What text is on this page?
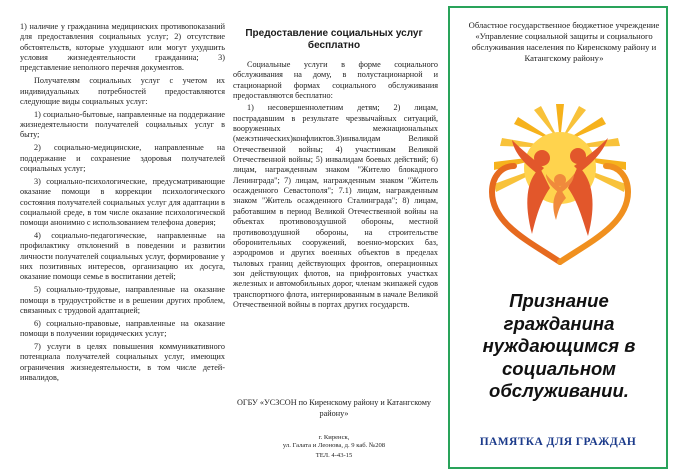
1) наличие у гражданина медицинских противопоказаний для предоставления социальных услуг; 2) отсутствие обстоятельств, которые ухудшают или могут ухудшить условия жизнедеятельности гражданина; 3) представление неполного перечня документов.

Получателям социальных услуг с учетом их индивидуальных потребностей предоставляются следующие виды социальных услуг:

1) социально-бытовые, направленные на поддержание жизнедеятельности получателей социальных услуг в быту;

2) социально-медицинские, направленные на поддержание и сохранение здоровья получателей социальных услуг;

3) социально-психологические, предусматривающие оказание помощи в коррекции психологического состояния получателей социальных услуг для адаптации в социальной среде, в том числе оказание психологической помощи анонимно с использованием телефона доверия;

4) социально-педагогические, направленные на профилактику отклонений в поведении и развитии личности получателей социальных услуг, формирование у них позитивных интересов, организацию их досуга, оказание помощи семье в воспитании детей;

5) социально-трудовые, направленные на оказание помощи в трудоустройстве и в решении других проблем, связанных с трудовой адаптацией;

6) социально-правовые, направленные на оказание помощи в получении юридических услуг;

7) услуги в целях повышения коммуникативного потенциала получателей социальных услуг, имеющих ограничения жизнедеятельности, в том числе детей-инвалидов,

Предоставление социальных услуг бесплатно

Социальные услуги в форме социального обслуживания на дому, в полустационарной и стационарной формах социального обслуживания предоставляются бесплатно:

1) несовершеннолетним детям; 2) лицам, пострадавшим в результате чрезвычайных ситуаций, вооруженных межнациональных (межэтнических)конфликтов.3)инвалидам Великой Отечественной войны; 4) участникам Великой Отечественной войны; 5) инвалидам боевых действий; 6) лицам, награжденным знаком "Жителю блокадного Ленинграда"; 7) лицам, награжденным знаком "Житель осажденного Севастополя"; 7.1) лицам, награжденным знаком "Житель осажденного Сталинграда"; 8) лицам, работавшим в период Великой Отечественной войны на объектах противовоздушной обороны, местной противовоздушной обороны, на строительстве оборонительных сооружений, военно-морских баз, аэродромов и других военных объектов в пределах тыловых границ действующих фронтов, операционных зон действующих флотов, на прифронтовых участках железных и автомобильных дорог, членам экипажей судов транспортного флота, интернированным в начале Великой Отечественной войны в портах других государств.

ОГБУ «УСЗСОН по Киренскому району и Катангскому району»
г. Киренск,
ул. Галата и Леонова, д. 9 каб. №208
ТЕЛ. 4-43-15
Областное государственное бюджетное учреждение «Управление социальной защиты и социального обслуживания населения по Киренскому району и Катангскому району»
Признание
гражданина
нуждающимся в
социальном
обслуживании.
ПАМЯТКА ДЛЯ ГРАЖДАН
